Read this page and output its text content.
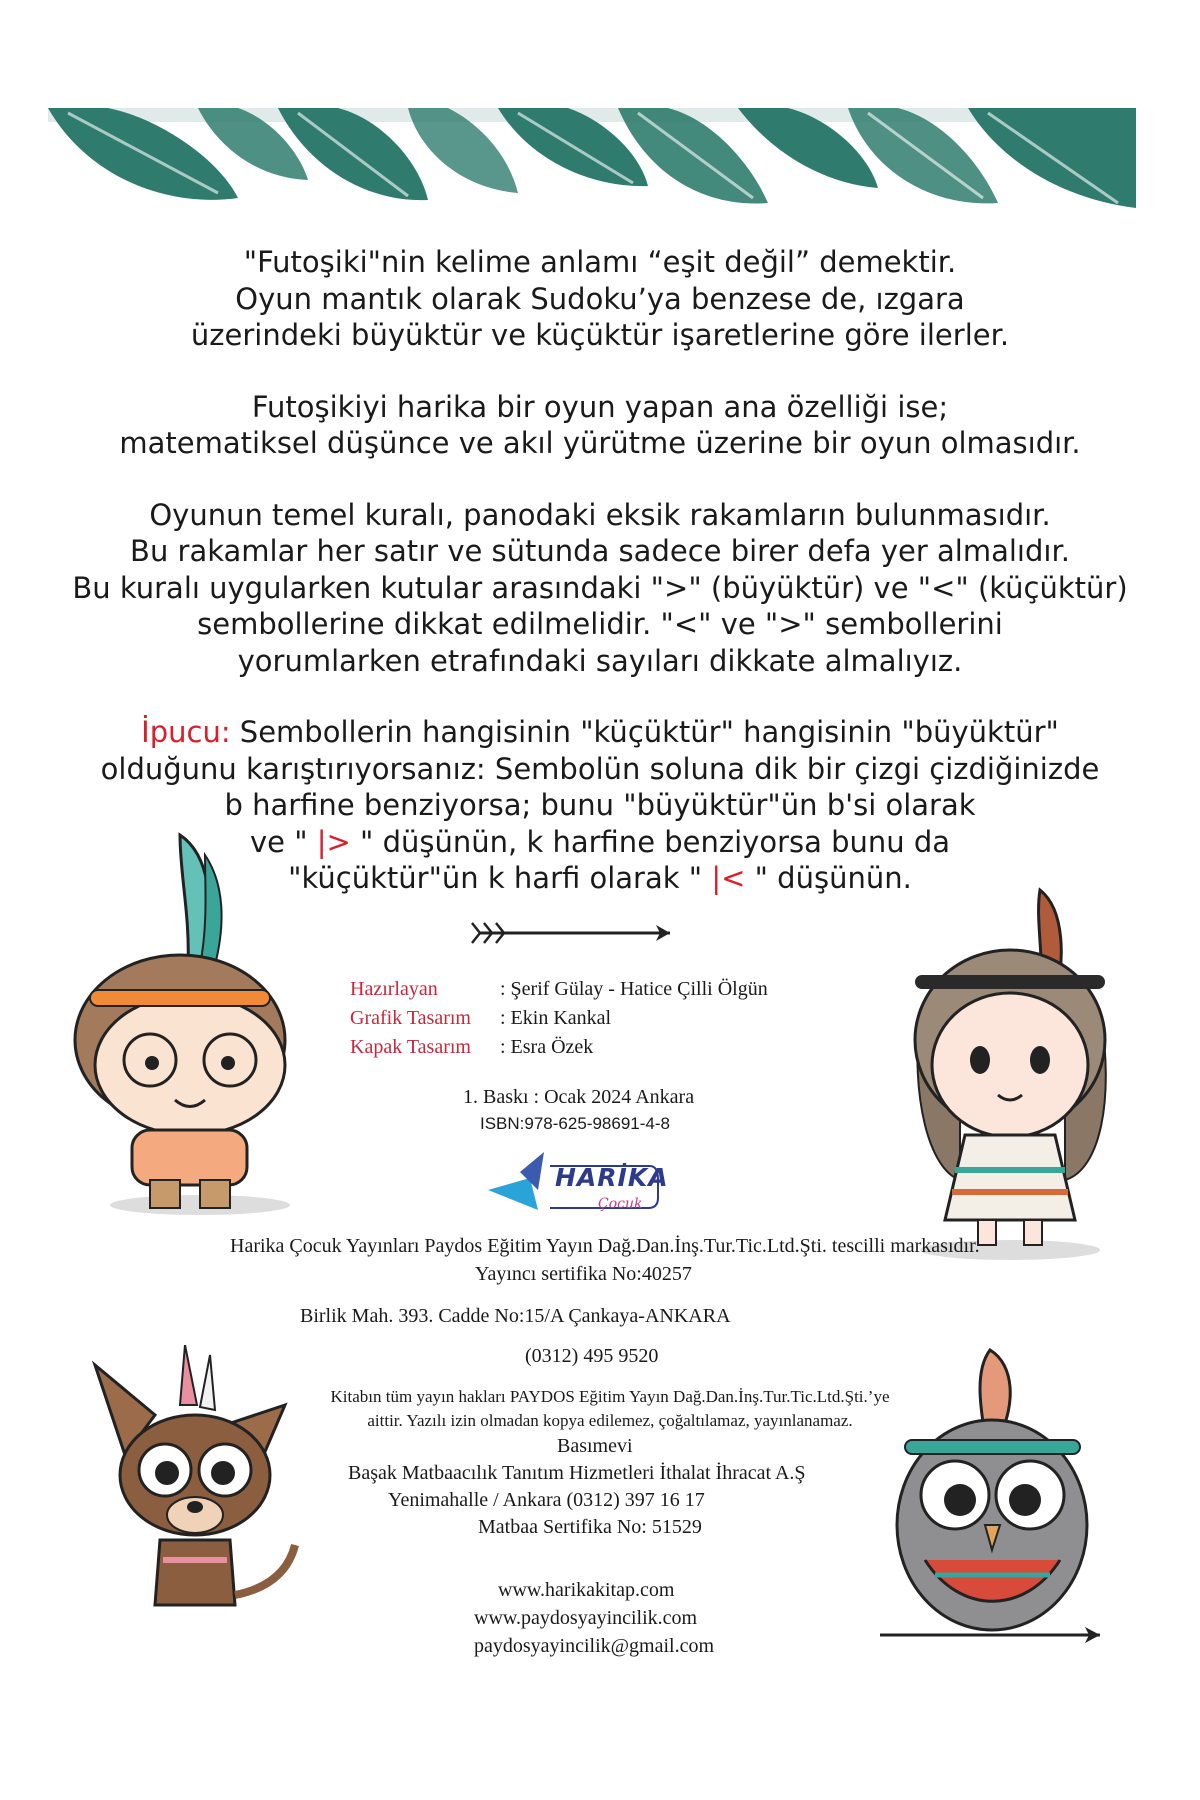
"Futoşiki"nin kelime anlamı “eşit değil” demektir.
Oyun mantık olarak Sudoku’ya benzese de, ızgara
üzerindeki büyüktür ve küçüktür işaretlerine göre ilerler.

Futoşikiyi harika bir oyun yapan ana özelliği ise;
matematiksel düşünce ve akıl yürütme üzerine bir oyun olmasıdır.

Oyunun temel kuralı, panodaki eksik rakamların bulunmasıdır.
Bu rakamlar her satır ve sütunda sadece birer defa yer almalıdır.
Bu kuralı uygularken kutular arasındaki ">" (büyüktür) ve "<" (küçüktür)
sembollerine dikkat edilmelidir. "<" ve ">" sembollerini
yorumlarken etrafındaki sayıları dikkate almalıyız.

İpucu: Sembollerin hangisinin "küçüktür" hangisinin "büyüktür"
olduğunu karıştırıyorsanız: Sembolün soluna dik bir çizgi çizdiğinizde
b harfine benziyorsa; bunu "büyüktür"ün b'si olarak
ve " |> " düşünün, k harfine benziyorsa bunu da
"küçüktür"ün k harfi olarak " |< " düşünün.

Hazırlayan	: Şerif Gülay - Hatice Çilli Ölgün
Grafik Tasarım	: Ekin Kankal
Kapak Tasarım	: Esra Özek
1. Baskı : Ocak 2024 Ankara
ISBN:978-625-98691-4-8
HARİKA
Çocuk
Harika Çocuk Yayınları Paydos Eğitim Yayın Dağ.Dan.İnş.Tur.Tic.Ltd.Şti. tescilli markasıdır.
Yayıncı sertifika No:40257
Birlik Mah. 393. Cadde No:15/A Çankaya-ANKARA
(0312) 495 9520
Kitabın tüm yayın hakları PAYDOS Eğitim Yayın Dağ.Dan.İnş.Tur.Tic.Ltd.Şti.’ye
aittir. Yazılı izin olmadan kopya edilemez, çoğaltılamaz, yayınlanamaz.
Basımevi
Başak Matbaacılık Tanıtım Hizmetleri İthalat İhracat A.Ş
Yenimahalle / Ankara (0312) 397 16 17
Matbaa Sertifika No: 51529
www.harikakitap.com
www.paydosyayincilik.com
paydosyayincilik@gmail.com
